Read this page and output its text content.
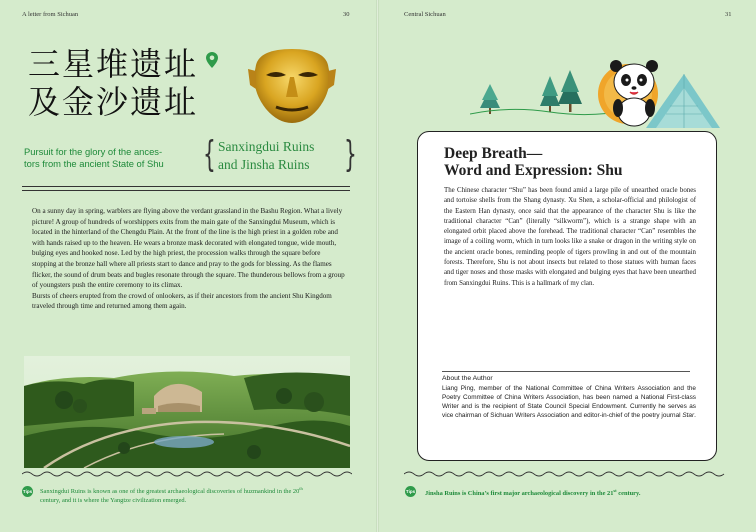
A letter from Sichuan	30
三星堆遗址
及金沙遗址
Pursuit for the glory of the ances-
tors from the ancient State of Shu	{ Sanxingdui Ruins
and Jinsha Ruins }

On a sunny day in spring, warblers are flying above the verdant grassland in the Bashu Region. What a lively picture! A group of hundreds of worshippers exits from the main gate of the Sanxingdui Museum, which is located in the hinterland of the Chengdu Plain. At the front of the line is the high priest in a golden robe and with hands raised up to the heaven. He wears a bronze mask decorated with elongated tongue, wide mouth, bulging eyes and hooked nose. Led by the high priest, the procession walks through the square before stopping at the bronze hall where all priests start to dance and pray to the gods for blessing. As the flames flicker, the sound of drum beats and bugles resonate through the square. The thunderous bellows from a group of youngsters push the entire ceremony to its climax.

Bursts of cheers erupted from the crowd of onlookers, as if their ancestors from the ancient Shu Kingdom traveled through time and returned among them again.

Tips Sanxingdui Ruins is known as one of the greatest archaeological discoveries of huzmankind in the 20th
century, and it is where the Yangtze civilization emerged.
Central Sichuan	31
Deep Breath—
Word and Expression: Shu
The Chinese character “Shu” has been found amid a large pile of unearthed oracle bones and tortoise shells from the Shang dynasty. Xu Shen, a scholar-official and philologist of the Eastern Han dynasty, once said that the appearance of the character Shu is like the traditional character “Can” (literally “silkworm”), which is a strange shape with an elongated orbit placed above the forehead. The traditional character “Can” resembles the image of a coiling worm, which in turn looks like a snake or dragon in the writing style on the ancient oracle bones, reminding people of tigers prowling in and out of the mountain forests. Therefore, Shu is not about insects but related to those statues with human faces and tiger noses and those masks with elongated and bulging eyes that have been unearthed from Sanxingdui Ruins. This is a hallmark of my clan.
About the Author
Liang Ping, member of the National Committee of China Writers Association and the Poetry Committee of China Writers Association, has been named a National First-class Writer and is the recipient of State Council Special Endowment. Currently he serves as vice chairman of Sichuan Writers Association and editor-in-chief of the poetry journal Star.
Tips Jinsha Ruins is China’s first major archaeological discovery in the 21st century.
